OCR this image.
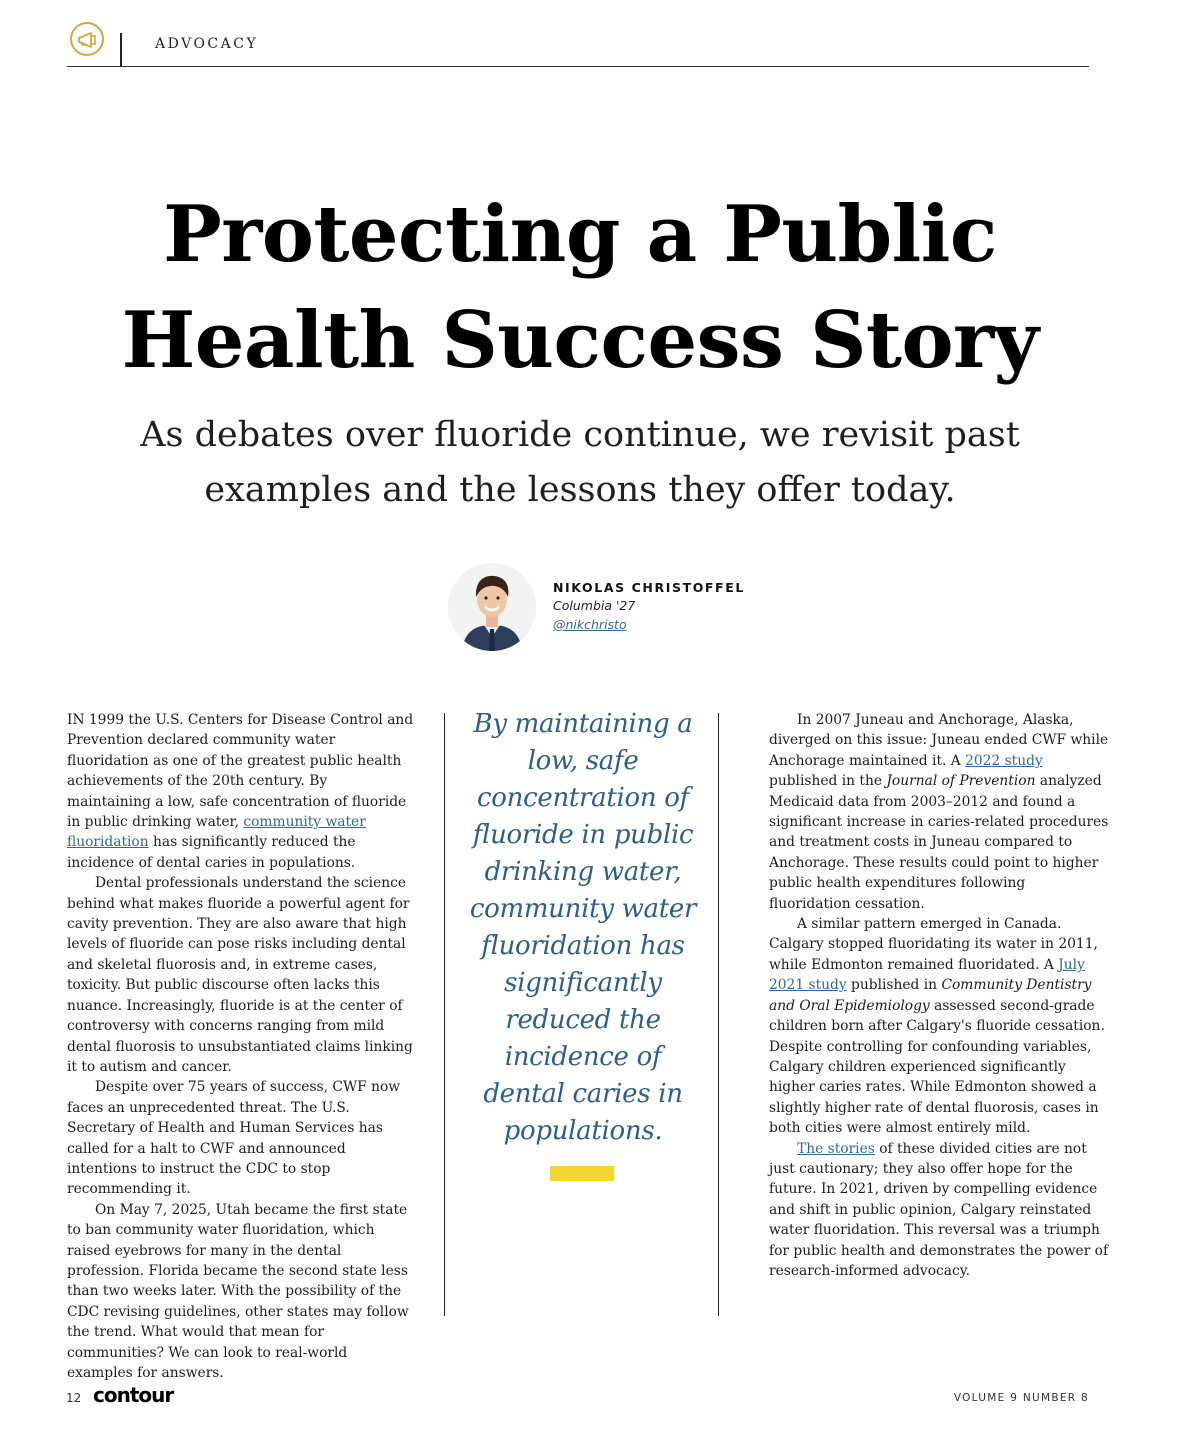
ADVOCACY
Protecting a Public
Health Success Story
As debates over fluoride continue, we revisit past
examples and the lessons they offer today.
NIKOLAS CHRISTOFFEL
Columbia '27
@nikchristo

IN 1999 the U.S. Centers for Disease Control and Prevention declared community water fluoridation as one of the greatest public health achievements of the 20th century. By maintaining a low, safe concentration of fluoride in public drinking water, community water fluoridation has significantly reduced the incidence of dental caries in populations.

Dental professionals understand the science behind what makes fluoride a powerful agent for cavity prevention. They are also aware that high levels of fluoride can pose risks including dental and skeletal fluorosis and, in extreme cases, toxicity. But public discourse often lacks this nuance. Increasingly, fluoride is at the center of controversy with concerns ranging from mild dental fluorosis to unsubstantiated claims linking it to autism and cancer.

Despite over 75 years of success, CWF now faces an unprecedented threat. The U.S. Secretary of Health and Human Services has called for a halt to CWF and announced intentions to instruct the CDC to stop recommending it.

On May 7, 2025, Utah became the first state to ban community water fluoridation, which raised eyebrows for many in the dental profession. Florida became the second state less than two weeks later. With the possibility of the CDC revising guidelines, other states may follow the trend. What would that mean for communities? We can look to real-world examples for answers.

By maintaining a low, safe concentration of fluoride in public drinking water, community water fluoridation has significantly reduced the incidence of dental caries in populations.

In 2007 Juneau and Anchorage, Alaska, diverged on this issue: Juneau ended CWF while Anchorage maintained it. A 2022 study published in the Journal of Prevention analyzed Medicaid data from 2003–2012 and found a significant increase in caries-related procedures and treatment costs in Juneau compared to Anchorage. These results could point to higher public health expenditures following fluoridation cessation.

A similar pattern emerged in Canada. Calgary stopped fluoridating its water in 2011, while Edmonton remained fluoridated. A July 2021 study published in Community Dentistry and Oral Epidemiology assessed second-grade children born after Calgary's fluoride cessation. Despite controlling for confounding variables, Calgary children experienced significantly higher caries rates. While Edmonton showed a slightly higher rate of dental fluorosis, cases in both cities were almost entirely mild.

The stories of these divided cities are not just cautionary; they also offer hope for the future. In 2021, driven by compelling evidence and shift in public opinion, Calgary reinstated water fluoridation. This reversal was a triumph for public health and demonstrates the power of research-informed advocacy.

12 contour	VOLUME 9 NUMBER 8
